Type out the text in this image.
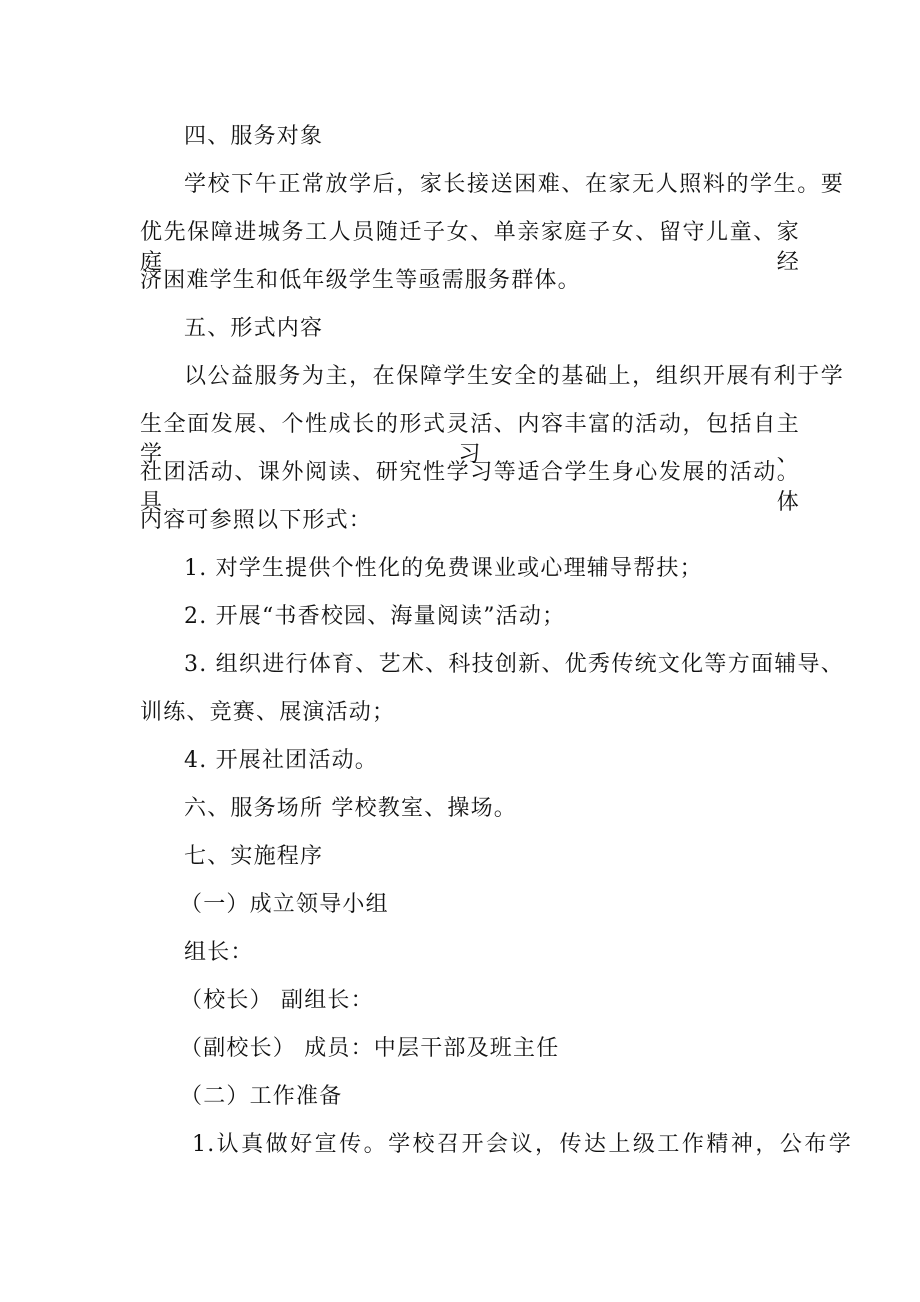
四、服务对象
学校下午正常放学后，家长接送困难、在家无人照料的学生。要
优先保障进城务工人员随迁子女、单亲家庭子女、留守儿童、家庭经
济困难学生和低年级学生等亟需服务群体。
五、形式内容
以公益服务为主，在保障学生安全的基础上，组织开展有利于学
生全面发展、个性成长的形式灵活、内容丰富的活动，包括自主学习、
社团活动、课外阅读、研究性学习等适合学生身心发展的活动。具体
内容可参照以下形式：
1. 对学生提供个性化的免费课业或心理辅导帮扶；
2. 开展“书香校园、海量阅读”活动；
3. 组织进行体育、艺术、科技创新、优秀传统文化等方面辅导、
训练、竞赛、展演活动；
4. 开展社团活动。
六、服务场所 学校教室、操场。
七、实施程序
（一）成立领导小组
组长：
（校长） 副组长：
（副校长） 成员：中层干部及班主任
（二）工作准备
1.认真做好宣传。学校召开会议，传达上级工作精神，公布学
